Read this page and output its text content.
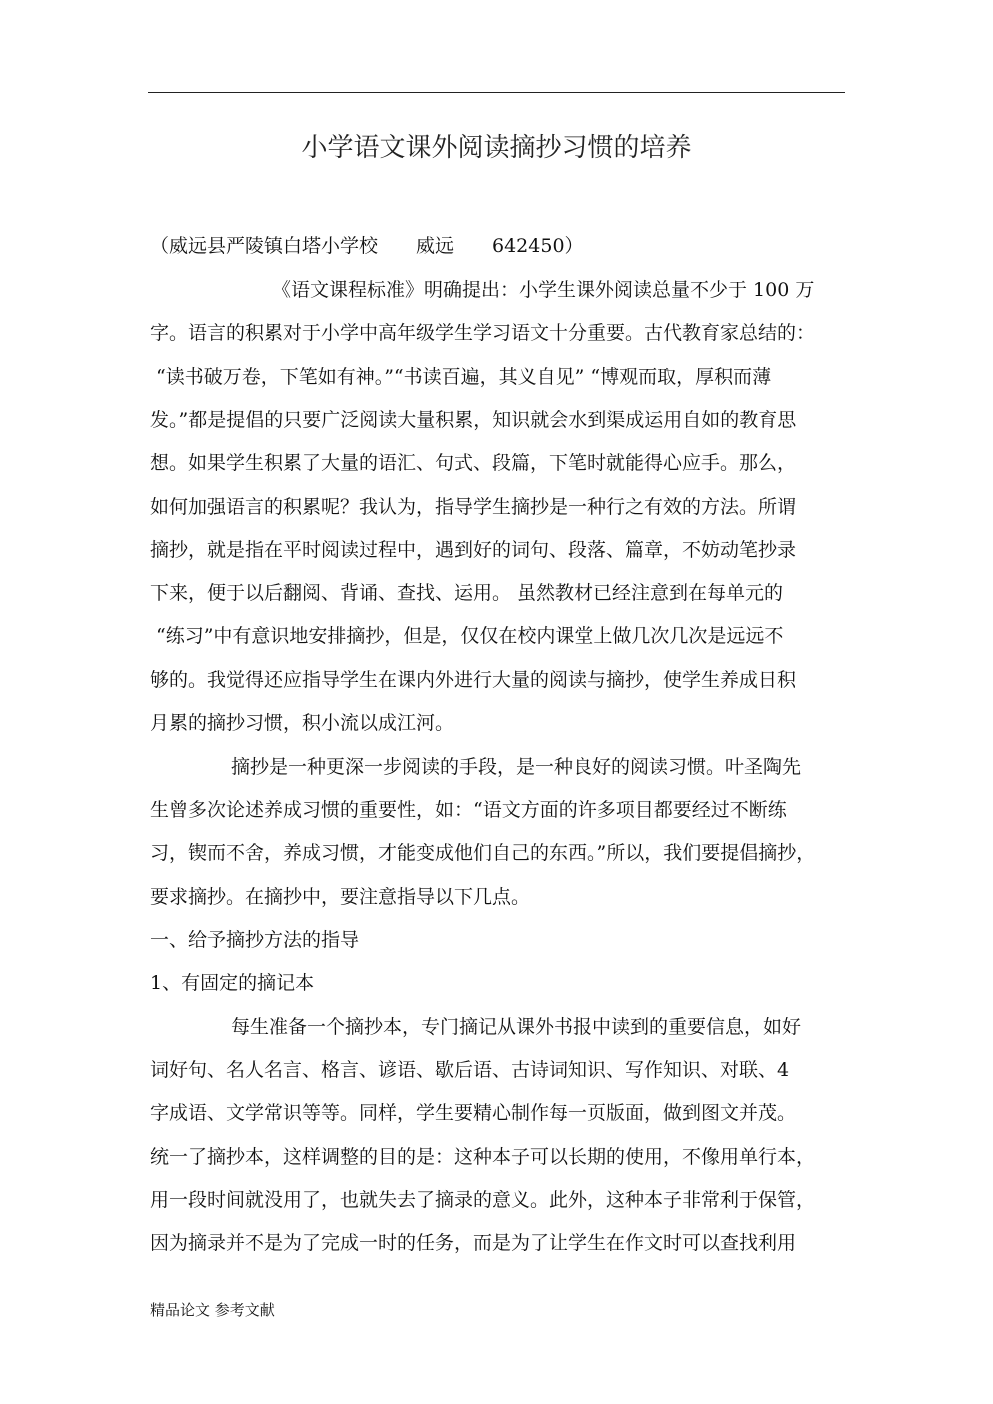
小学语文课外阅读摘抄习惯的培养
（威远县严陵镇白塔小学校　　威远　　642450）
《语文课程标准》明确提出：小学生课外阅读总量不少于 100 万
字。语言的积累对于小学中高年级学生学习语文十分重要。古代教育家总结的：
“读书破万卷，下笔如有神。”“书读百遍，其义自见” “博观而取，厚积而薄
发。”都是提倡的只要广泛阅读大量积累，知识就会水到渠成运用自如的教育思
想。如果学生积累了大量的语汇、句式、段篇，下笔时就能得心应手。那么，
如何加强语言的积累呢？我认为，指导学生摘抄是一种行之有效的方法。所谓
摘抄，就是指在平时阅读过程中，遇到好的词句、段落、篇章，不妨动笔抄录
下来，便于以后翻阅、背诵、查找、运用。 虽然教材已经注意到在每单元的
“练习”中有意识地安排摘抄，但是，仅仅在校内课堂上做几次几次是远远不
够的。我觉得还应指导学生在课内外进行大量的阅读与摘抄，使学生养成日积
月累的摘抄习惯，积小流以成江河。
摘抄是一种更深一步阅读的手段，是一种良好的阅读习惯。叶圣陶先
生曾多次论述养成习惯的重要性，如：“语文方面的许多项目都要经过不断练
习，锲而不舍，养成习惯，才能变成他们自己的东西。”所以，我们要提倡摘抄，
要求摘抄。在摘抄中，要注意指导以下几点。
一、给予摘抄方法的指导
1、有固定的摘记本
每生准备一个摘抄本，专门摘记从课外书报中读到的重要信息，如好
词好句、名人名言、格言、谚语、歇后语、古诗词知识、写作知识、对联、4
字成语、文学常识等等。同样，学生要精心制作每一页版面，做到图文并茂。
统一了摘抄本，这样调整的目的是：这种本子可以长期的使用，不像用单行本，
用一段时间就没用了，也就失去了摘录的意义。此外，这种本子非常利于保管，
因为摘录并不是为了完成一时的任务，而是为了让学生在作文时可以查找利用
精品论文 参考文献
